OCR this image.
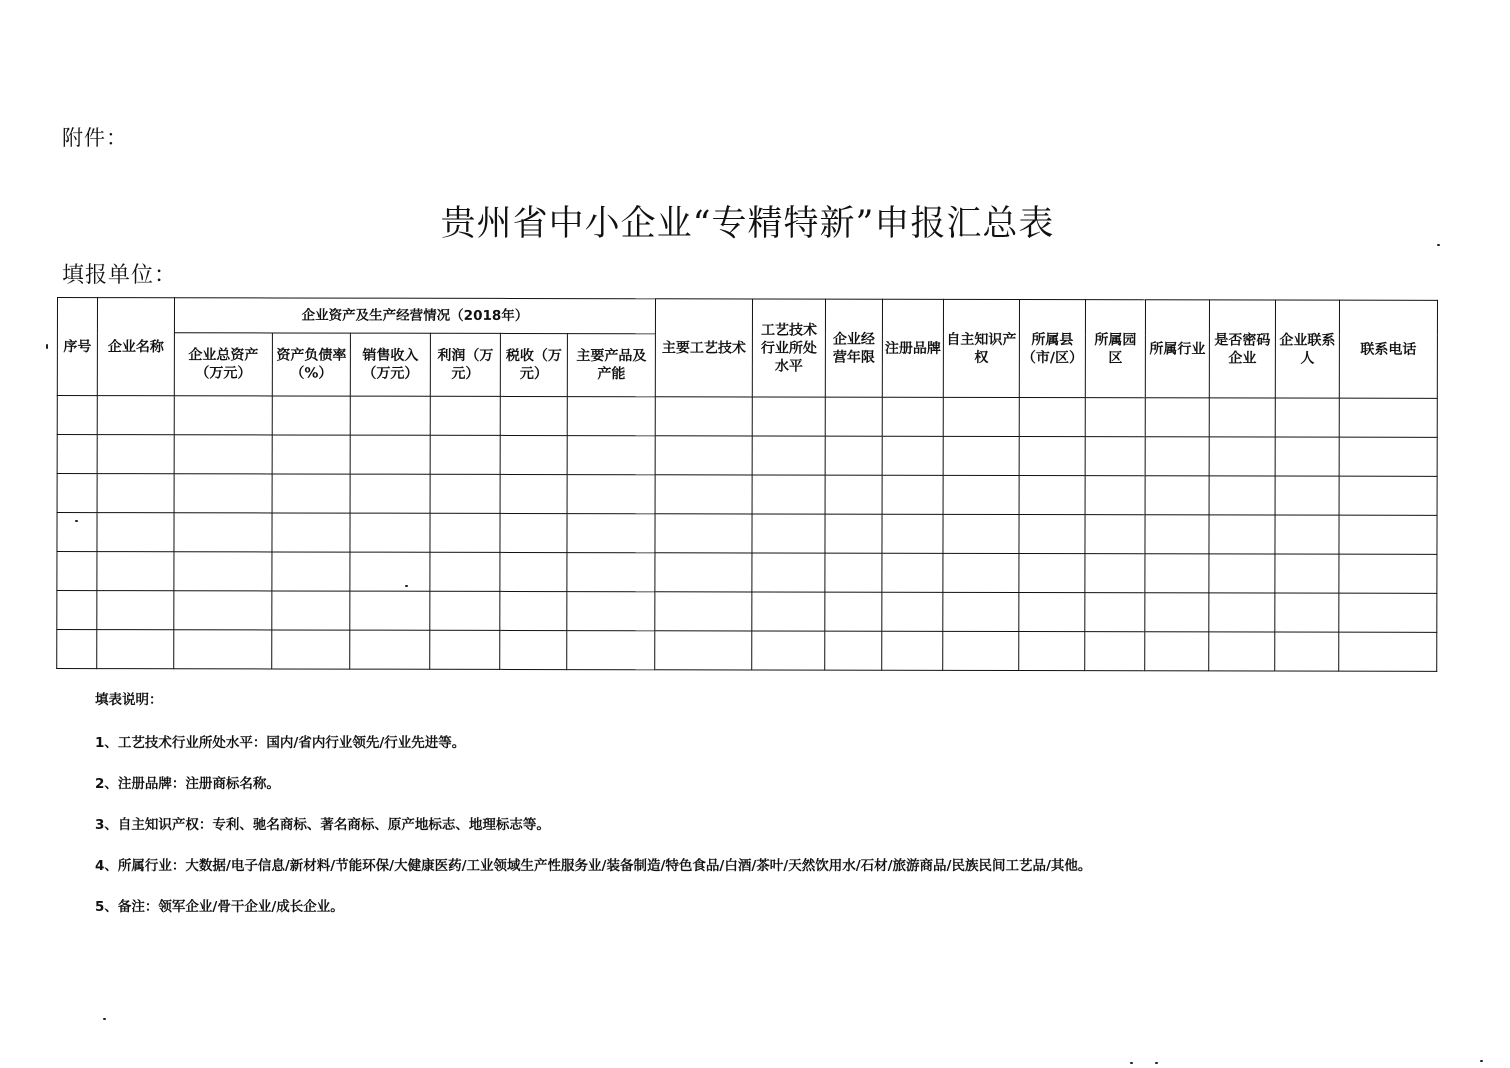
附件：
贵州省中小企业“专精特新”申报汇总表
填报单位：
序号	企业名称	企业资产及生产经营情况（2018年）						主要工艺技术	工艺技术行业所处水平	企业经营年限	注册品牌	自主知识产权	所属县（市/区）	所属园区	所属行业	是否密码企业	企业联系人	联系电话
		企业总资产（万元）	资产负债率（%）	销售收入（万元）	利润（万元）	税收（万元）	主要产品及产能											

填表说明：
1、工艺技术行业所处水平：国内/省内行业领先/行业先进等。
2、注册品牌：注册商标名称。
3、自主知识产权：专利、驰名商标、著名商标、原产地标志、地理标志等。
4、所属行业：大数据/电子信息/新材料/节能环保/大健康医药/工业领域生产性服务业/装备制造/特色食品/白酒/茶叶/天然饮用水/石材/旅游商品/民族民间工艺品/其他。
5、备注：领军企业/骨干企业/成长企业。
